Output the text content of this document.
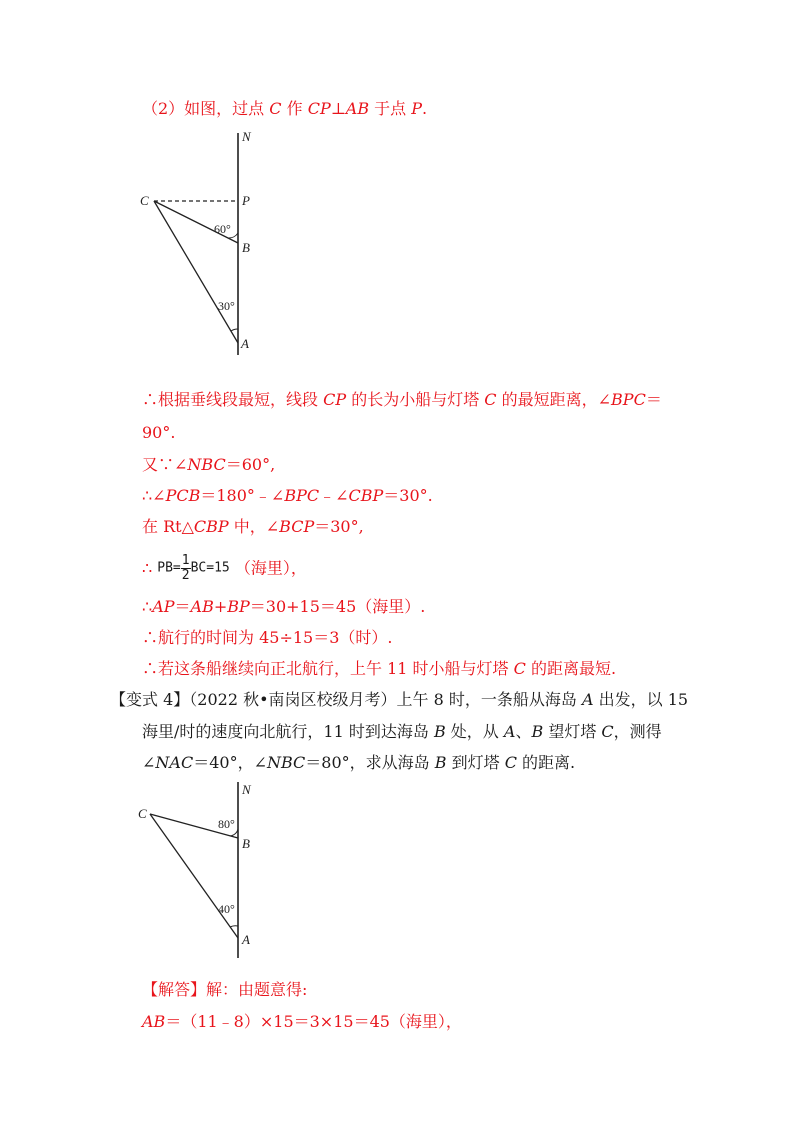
（2）如图，过点 C 作 CP⊥AB 于点 P.
N
C	P
B
A
60°
30°
∴根据垂线段最短，线段 CP 的长为小船与灯塔 C 的最短距离，∠BPC＝
90°.
又∵∠NBC＝60°,
∴∠PCB＝180°﹣∠BPC﹣∠CBP＝30°.
在 Rt△CBP 中，∠BCP＝30°,
∴ $PB= \frac{1}{2} BC=15$ （海里），
∴AP＝AB+BP＝30+15＝45（海里）.
∴航行的时间为 45÷15＝3（时）.
∴若这条船继续向正北航行，上午 11 时小船与灯塔 C 的距离最短.
【变式 4】（2022 秋•南岗区校级月考）上午 8 时，一条船从海岛 A 出发，以 15
海里/时的速度向北航行，11 时到达海岛 B 处，从 A、B 望灯塔 C，测得
∠NAC＝40°，∠NBC＝80°，求从海岛 B 到灯塔 C 的距离.
N
C
B
A
80°
40°
【解答】解：由题意得:
AB＝（11﹣8）×15＝3×15＝45（海里），
